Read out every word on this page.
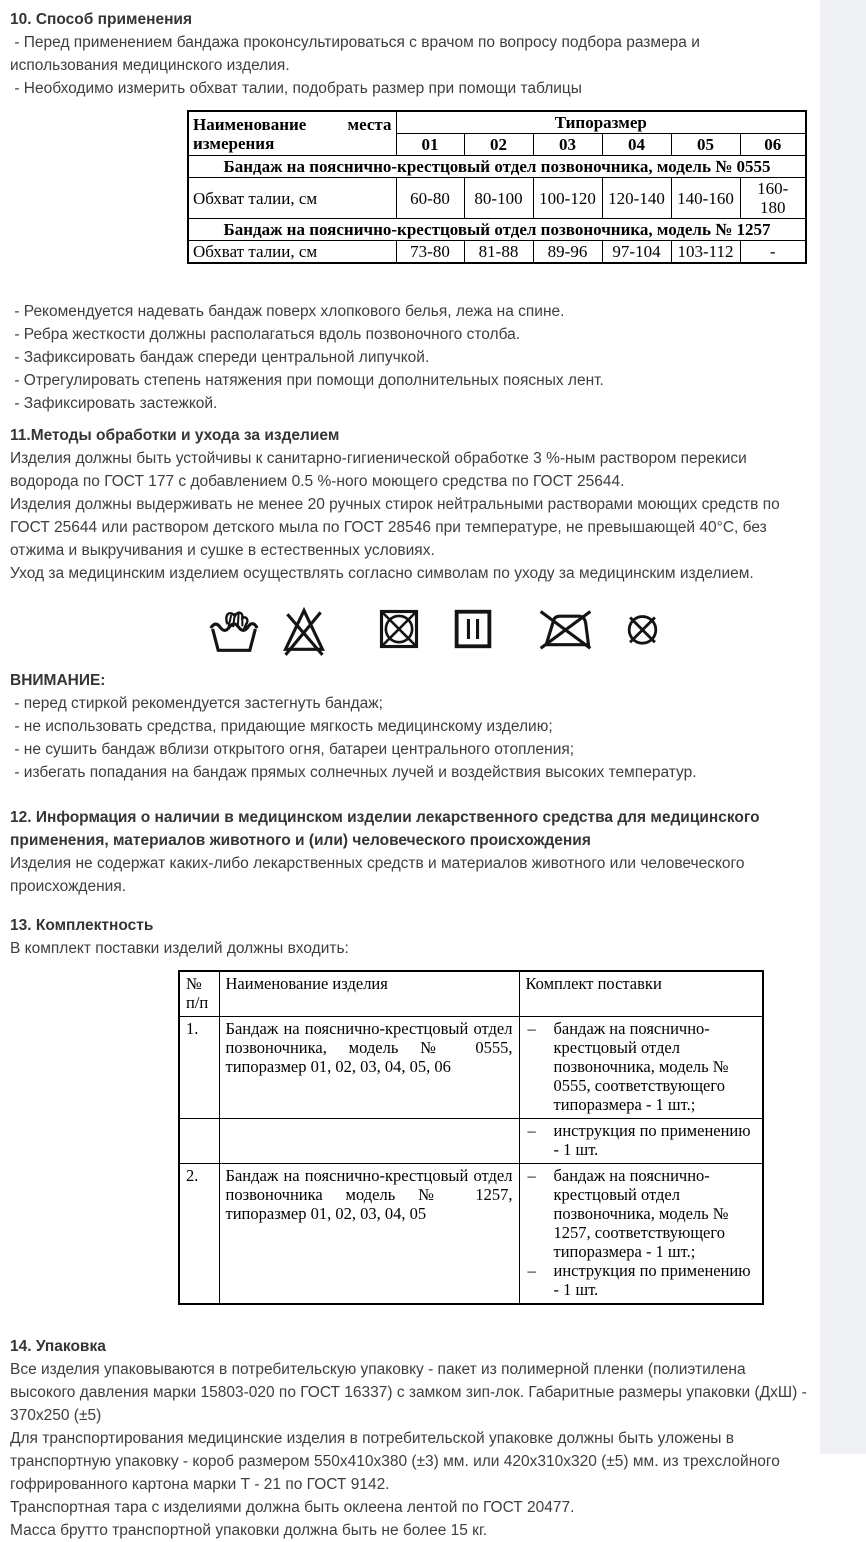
10. Способ применения

- Перед применением бандажа проконсультироваться с врачом по вопросу подбора размера и использования медицинского изделия.

- Необходимо измерить обхват талии, подобрать размер при помощи таблицы

Наименование места измерения	Типоразмер					
	01	02	03	04	05	06
Бандаж на пояснично-крестцовый отдел позвоночника, модель № 0555						
Обхват талии, см	60-80	80-100	100-120	120-140	140-160	160-180
Бандаж на пояснично-крестцовый отдел позвоночника, модель № 1257						
Обхват талии, см	73-80	81-88	89-96	97-104	103-112	-

- Рекомендуется надевать бандаж поверх хлопкового белья, лежа на спине.

- Ребра жесткости должны располагаться вдоль позвоночного столба.

- Зафиксировать бандаж спереди центральной липучкой.

- Отрегулировать степень натяжения при помощи дополнительных поясных лент.

- Зафиксировать застежкой.

11.Методы обработки и ухода за изделием

Изделия должны быть устойчивы к санитарно-гигиенической обработке 3 %-ным раствором перекиси водорода по ГОСТ 177 с добавлением 0.5 %-ного моющего средства по ГОСТ 25644.

Изделия должны выдерживать не менее 20 ручных стирок нейтральными растворами моющих средств по ГОСТ 25644 или раствором детского мыла по ГОСТ 28546 при температуре, не превышающей 40°С, без отжима и выкручивания и сушке в естественных условиях.

Уход за медицинским изделием осуществлять согласно символам по уходу за медицинским изделием.

ВНИМАНИЕ:

- перед стиркой рекомендуется застегнуть бандаж;

- не использовать средства, придающие мягкость медицинскому изделию;

- не сушить бандаж вблизи открытого огня, батареи центрального отопления;

- избегать попадания на бандаж прямых солнечных лучей и воздействия высоких температур.

12. Информация о наличии в медицинском изделии лекарственного средства для медицинского применения, материалов животного и (или) человеческого происхождения

Изделия не содержат каких-либо лекарственных средств и материалов животного или человеческого происхождения.

13. Комплектность

В комплект поставки изделий должны входить:

№ п/п	Наименование изделия	Комплект поставки
1.	Бандаж на пояснично-крестцовый отдел позвоночника, модель № 0555, типоразмер 01, 02, 03, 04, 05, 06	– бандаж на пояснично-крестцовый отдел позвоночника, модель № 0555, соответствующего типоразмера - 1 шт.;

		– инструкция по применению - 1 шт.

2.	Бандаж на пояснично-крестцовый отдел позвоночника модель № 1257, типоразмер 01, 02, 03, 04, 05	– бандаж на пояснично-крестцовый отдел позвоночника, модель № 1257, соответствующего типоразмера - 1 шт.;
– инструкция по применению - 1 шт.
14. Упаковка

Все изделия упаковываются в потребительскую упаковку - пакет из полимерной пленки (полиэтилена высокого давления марки 15803-020 по ГОСТ 16337) с замком зип-лок. Габаритные размеры упаковки (ДхШ) - 370х250 (±5)

Для транспортирования медицинские изделия в потребительской упаковке должны быть уложены в транспортную упаковку - короб размером 550х410х380 (±3) мм. или 420х310х320 (±5) мм. из трехслойного гофрированного картона марки Т - 21 по ГОСТ 9142.

Транспортная тара с изделиями должна быть оклеена лентой по ГОСТ 20477.

Масса брутто транспортной упаковки должна быть не более 15 кг.
